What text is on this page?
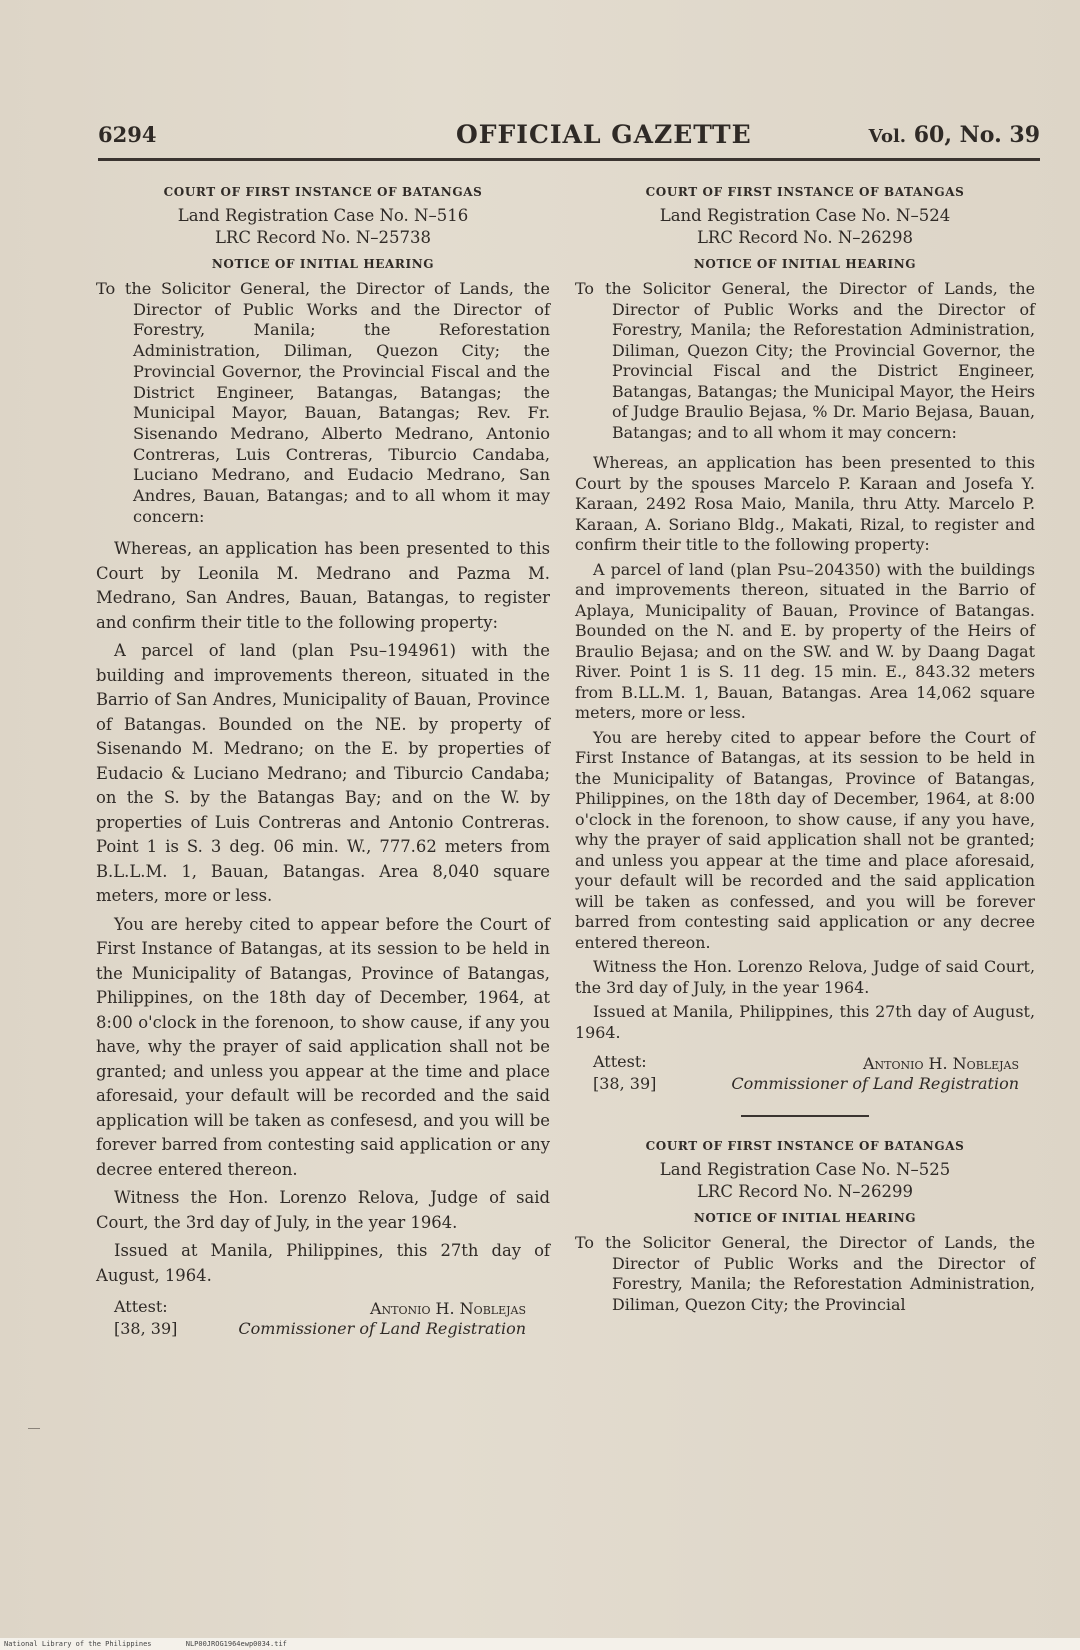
6294	OFFICIAL GAZETTE	Vol. 60, No. 39
COURT OF FIRST INSTANCE OF BATANGAS
Land Registration Case No. N–516
LRC Record No. N–25738
NOTICE OF INITIAL HEARING

To the Solicitor General, the Director of Lands, the Director of Public Works and the Director of Forestry, Manila; the Reforestation Administration, Diliman, Quezon City; the Provincial Governor, the Provincial Fiscal and the District Engineer, Batangas, Batangas; the Municipal Mayor, Bauan, Batangas; Rev. Fr. Sisenando Medrano, Alberto Medrano, Antonio Contreras, Luis Contreras, Tiburcio Candaba, Luciano Medrano, and Eudacio Medrano, San Andres, Bauan, Batangas; and to all whom it may concern:

Whereas, an application has been presented to this Court by Leonila M. Medrano and Pazma M. Medrano, San Andres, Bauan, Batangas, to register and confirm their title to the following property:

A parcel of land (plan Psu–194961) with the building and improvements thereon, situated in the Barrio of San Andres, Municipality of Bauan, Province of Batangas. Bounded on the NE. by property of Sisenando M. Medrano; on the E. by properties of Eudacio & Luciano Medrano; and Tiburcio Candaba; on the S. by the Batangas Bay; and on the W. by properties of Luis Contreras and Antonio Contreras. Point 1 is S. 3 deg. 06 min. W., 777.62 meters from B.L.L.M. 1, Bauan, Batangas. Area 8,040 square meters, more or less.

You are hereby cited to appear before the Court of First Instance of Batangas, at its session to be held in the Municipality of Batangas, Province of Batangas, Philippines, on the 18th day of December, 1964, at 8:00 o'clock in the forenoon, to show cause, if any you have, why the prayer of said application shall not be granted; and unless you appear at the time and place aforesaid, your default will be recorded and the said application will be taken as confesesd, and you will be forever barred from contesting said application or any decree entered thereon.

Witness the Hon. Lorenzo Relova, Judge of said Court, the 3rd day of July, in the year 1964.

Issued at Manila, Philippines, this 27th day of August, 1964.

Attest:
[38, 39]
Antonio H. Noblejas
Commissioner of Land Registration
COURT OF FIRST INSTANCE OF BATANGAS
Land Registration Case No. N–524
LRC Record No. N–26298
NOTICE OF INITIAL HEARING

To the Solicitor General, the Director of Lands, the Director of Public Works and the Director of Forestry, Manila; the Reforestation Administration, Diliman, Quezon City; the Provincial Governor, the Provincial Fiscal and the District Engineer, Batangas, Batangas; the Municipal Mayor, the Heirs of Judge Braulio Bejasa, % Dr. Mario Bejasa, Bauan, Batangas; and to all whom it may concern:

Whereas, an application has been presented to this Court by the spouses Marcelo P. Karaan and Josefa Y. Karaan, 2492 Rosa Maio, Manila, thru Atty. Marcelo P. Karaan, A. Soriano Bldg., Makati, Rizal, to register and confirm their title to the following property:

A parcel of land (plan Psu–204350) with the buildings and improvements thereon, situated in the Barrio of Aplaya, Municipality of Bauan, Province of Batangas. Bounded on the N. and E. by property of the Heirs of Braulio Bejasa; and on the SW. and W. by Daang Dagat River. Point 1 is S. 11 deg. 15 min. E., 843.32 meters from B.LL.M. 1, Bauan, Batangas. Area 14,062 square meters, more or less.

You are hereby cited to appear before the Court of First Instance of Batangas, at its session to be held in the Municipality of Batangas, Province of Batangas, Philippines, on the 18th day of December, 1964, at 8:00 o'clock in the forenoon, to show cause, if any you have, why the prayer of said application shall not be granted; and unless you appear at the time and place aforesaid, your default will be recorded and the said application will be taken as confessed, and you will be forever barred from contesting said application or any decree entered thereon.

Witness the Hon. Lorenzo Relova, Judge of said Court, the 3rd day of July, in the year 1964.

Issued at Manila, Philippines, this 27th day of August, 1964.

Attest:
[38, 39]
Antonio H. Noblejas
Commissioner of Land Registration
COURT OF FIRST INSTANCE OF BATANGAS
Land Registration Case No. N–525
LRC Record No. N–26299
NOTICE OF INITIAL HEARING

To the Solicitor General, the Director of Lands, the Director of Public Works and the Director of Forestry, Manila; the Reforestation Administration, Diliman, Quezon City; the Provincial

National Library of the Philippines	NLP00JROG1964ewp0034.tif
